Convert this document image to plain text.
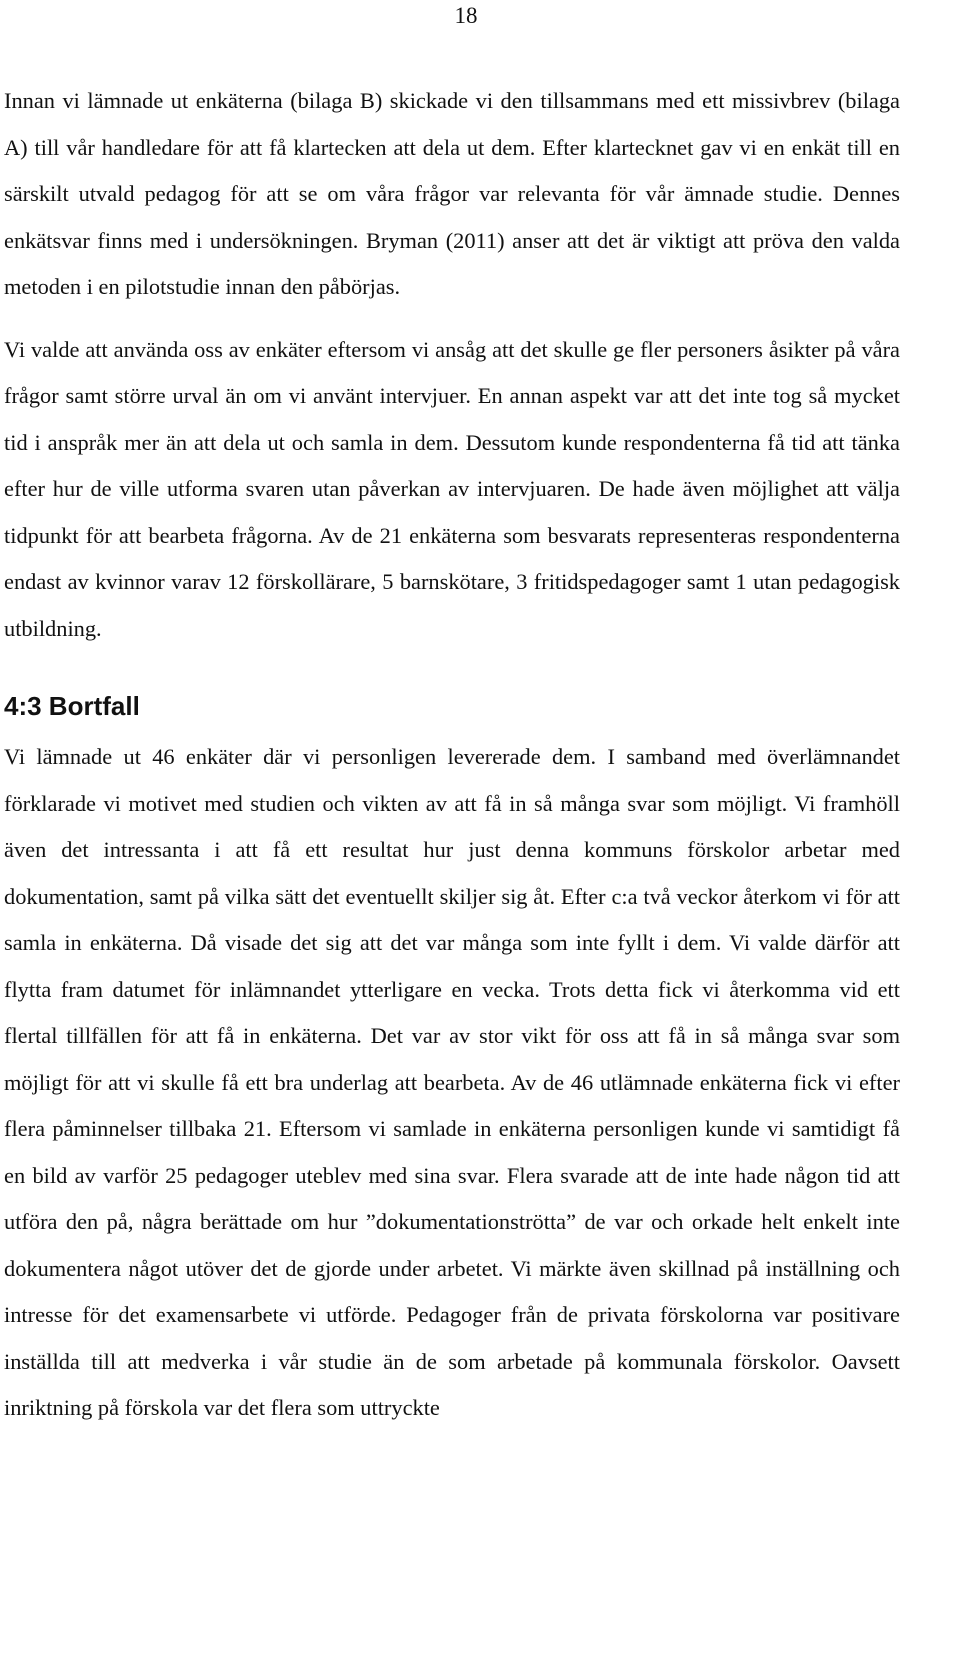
18

Innan vi lämnade ut enkäterna (bilaga B) skickade vi den tillsammans med ett missivbrev (bilaga A) till vår handledare för att få klartecken att dela ut dem. Efter klartecknet gav vi en enkät till en särskilt utvald pedagog för att se om våra frågor var relevanta för vår ämnade studie. Dennes enkätsvar finns med i undersökningen. Bryman (2011) anser att det är viktigt att pröva den valda metoden i en pilotstudie innan den påbörjas.

Vi valde att använda oss av enkäter eftersom vi ansåg att det skulle ge fler personers åsikter på våra frågor samt större urval än om vi använt intervjuer. En annan aspekt var att det inte tog så mycket tid i anspråk mer än att dela ut och samla in dem. Dessutom kunde respondenterna få tid att tänka efter hur de ville utforma svaren utan påverkan av intervjuaren. De hade även möjlighet att välja tidpunkt för att bearbeta frågorna. Av de 21 enkäterna som besvarats representeras respondenterna endast av kvinnor varav 12 förskollärare, 5 barnskötare, 3 fritidspedagoger samt 1 utan pedagogisk utbildning.

4:3 Bortfall

Vi lämnade ut 46 enkäter där vi personligen levererade dem. I samband med överlämnandet förklarade vi motivet med studien och vikten av att få in så många svar som möjligt. Vi framhöll även det intressanta i att få ett resultat hur just denna kommuns förskolor arbetar med dokumentation, samt på vilka sätt det eventuellt skiljer sig åt. Efter c:a två veckor återkom vi för att samla in enkäterna. Då visade det sig att det var många som inte fyllt i dem. Vi valde därför att flytta fram datumet för inlämnandet ytterligare en vecka. Trots detta fick vi återkomma vid ett flertal tillfällen för att få in enkäterna. Det var av stor vikt för oss att få in så många svar som möjligt för att vi skulle få ett bra underlag att bearbeta. Av de 46 utlämnade enkäterna fick vi efter flera påminnelser tillbaka 21. Eftersom vi samlade in enkäterna personligen kunde vi samtidigt få en bild av varför 25 pedagoger uteblev med sina svar. Flera svarade att de inte hade någon tid att utföra den på, några berättade om hur ”dokumentationströtta” de var och orkade helt enkelt inte dokumentera något utöver det de gjorde under arbetet. Vi märkte även skillnad på inställning och intresse för det examensarbete vi utförde. Pedagoger från de privata förskolorna var positivare inställda till att medverka i vår studie än de som arbetade på kommunala förskolor. Oavsett inriktning på förskola var det flera som uttryckte
